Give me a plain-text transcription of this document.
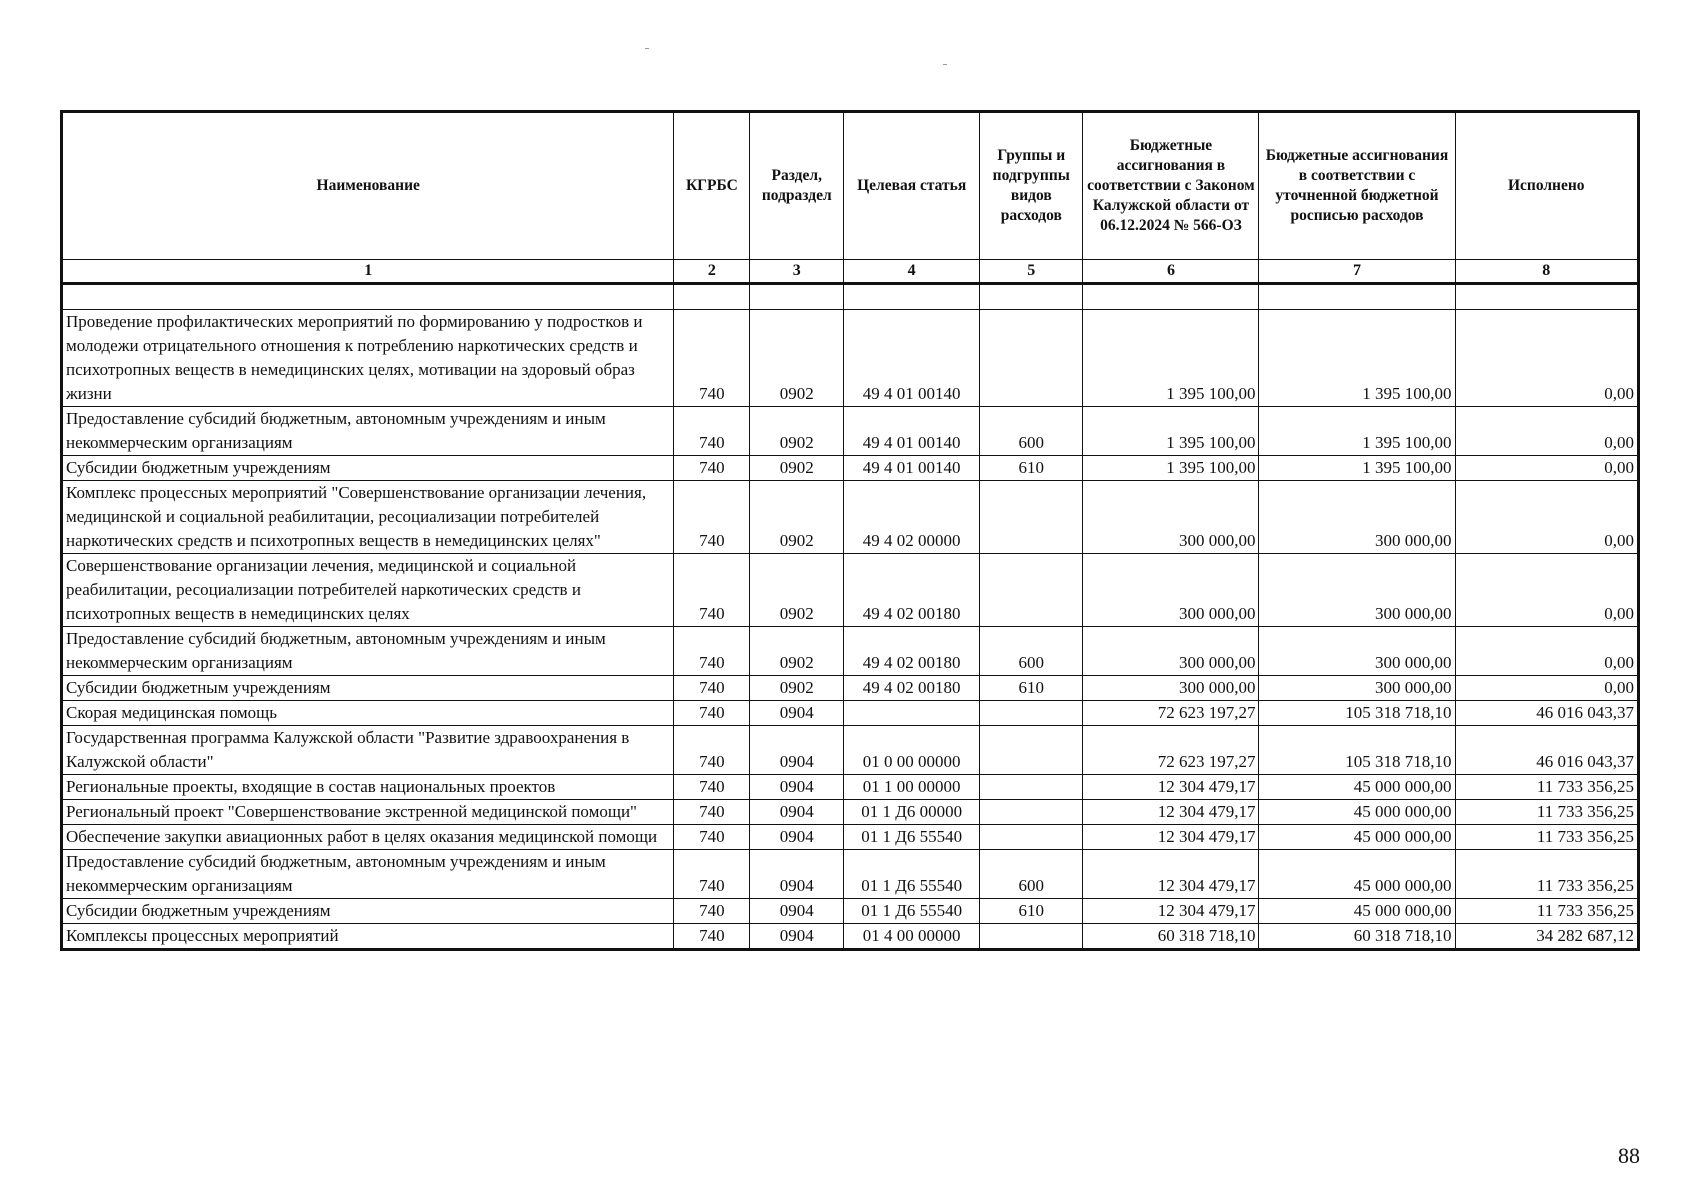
Наименование	КГРБС	Раздел, подраздел	Целевая статья	Группы и подгруппы видов расходов	Бюджетные ассигнования в соответствии с Законом Калужской области от 06.12.2024 № 566-ОЗ	Бюджетные ассигнования в соответствии с уточненной бюджетной росписью расходов	Исполнено
1	2	3	4	5	6	7	8

Проведение профилактических мероприятий по формированию у подростков и молодежи отрицательного отношения к потреблению наркотических средств и психотропных веществ в немедицинских целях, мотивации на здоровый образ жизни	740	0902	49 4 01 00140		1 395 100,00	1 395 100,00	0,00
Предоставление субсидий бюджетным, автономным учреждениям и иным некоммерческим организациям	740	0902	49 4 01 00140	600	1 395 100,00	1 395 100,00	0,00
Субсидии бюджетным учреждениям	740	0902	49 4 01 00140	610	1 395 100,00	1 395 100,00	0,00
Комплекс процессных мероприятий "Совершенствование организации лечения, медицинской и социальной реабилитации, ресоциализации потребителей наркотических средств и психотропных веществ в немедицинских целях"	740	0902	49 4 02 00000		300 000,00	300 000,00	0,00
Совершенствование организации лечения, медицинской и социальной реабилитации, ресоциализации потребителей наркотических средств и психотропных веществ в немедицинских целях	740	0902	49 4 02 00180		300 000,00	300 000,00	0,00
Предоставление субсидий бюджетным, автономным учреждениям и иным некоммерческим организациям	740	0902	49 4 02 00180	600	300 000,00	300 000,00	0,00
Субсидии бюджетным учреждениям	740	0902	49 4 02 00180	610	300 000,00	300 000,00	0,00
Скорая медицинская помощь	740	0904			72 623 197,27	105 318 718,10	46 016 043,37
Государственная программа Калужской области "Развитие здравоохранения в Калужской области"	740	0904	01 0 00 00000		72 623 197,27	105 318 718,10	46 016 043,37
Региональные проекты, входящие в состав национальных проектов	740	0904	01 1 00 00000		12 304 479,17	45 000 000,00	11 733 356,25
Региональный проект "Совершенствование экстренной медицинской помощи"	740	0904	01 1 Д6 00000		12 304 479,17	45 000 000,00	11 733 356,25
Обеспечение закупки авиационных работ в целях оказания медицинской помощи	740	0904	01 1 Д6 55540		12 304 479,17	45 000 000,00	11 733 356,25
Предоставление субсидий бюджетным, автономным учреждениям и иным некоммерческим организациям	740	0904	01 1 Д6 55540	600	12 304 479,17	45 000 000,00	11 733 356,25
Субсидии бюджетным учреждениям	740	0904	01 1 Д6 55540	610	12 304 479,17	45 000 000,00	11 733 356,25
Комплексы процессных мероприятий	740	0904	01 4 00 00000		60 318 718,10	60 318 718,10	34 282 687,12
88
